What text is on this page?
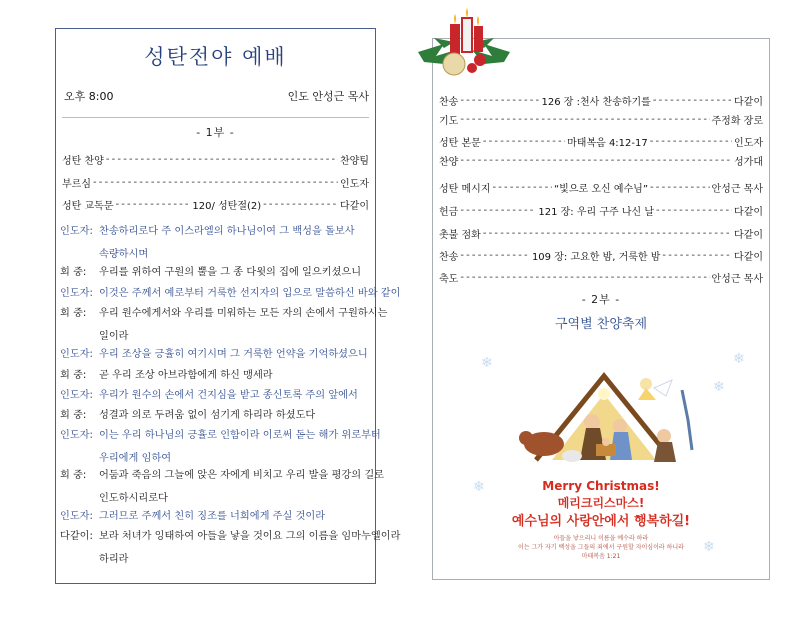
성탄전야 예배
오후 8:00	인도 안성근 목사
- 1부 -
성탄 찬양 - - -	찬양팀
부르심 - - -	인도자
성탄 교독문 - - -	120/ 성탄절(2) - - -	다같이
인도자: 찬송하리로다 주 이스라엘의 하나님이여 그 백성을 돌보사
속량하시며
회 중: 우리를 위하여 구원의 뿔을 그 종 다윗의 집에 일으키셨으니
인도자: 이것은 주께서 예로부터 거룩한 선지자의 입으로 말씀하신 바와 같이
회 중: 우리 원수에게서와 우리를 미워하는 모든 자의 손에서 구원하시는
일이라
인도자: 우리 조상을 긍휼히 여기시며 그 거룩한 언약을 기억하셨으니
회 중: 곧 우리 조상 아브라함에게 하신 맹세라
인도자: 우리가 원수의 손에서 건지심을 받고 종신토록 주의 앞에서
회 중: 성결과 의로 두려움 없이 섬기게 하리라 하셨도다
인도자: 이는 우리 하나님의 긍휼로 인함이라 이로써 돋는 해가 위로부터
우리에게 임하여
회 중: 어둠과 죽음의 그늘에 앉은 자에게 비치고 우리 발을 평강의 길로
인도하시리로다
인도자: 그러므로 주께서 친히 징조를 너희에게 주실 것이라
다같이: 보라 처녀가 잉태하여 아들을 낳을 것이요 그의 이름을 임마누엘이라
하리라
찬송 - - -	126 장 :천사 찬송하기를 - - -	다같이
기도 - - -	주정화 장로
성탄 본문 - - -	마태복음 4:12-17 - - -	인도자
찬양 - - -	성가대
성탄 메시지 - - -	“빛으로 오신 예수님” - - -	안성근 목사
헌금 - - -	121 장: 우리 구주 나신 날 - - -	다같이
촛불 점화 - - -	다같이
찬송 - - -	109 장: 고요한 밤, 거룩한 밤 - - -	다같이
축도 - - -	안성근 목사
- 2부 -
구역별 찬양축제
❄	❄
❄
❄
❄	Merry Christmas!
메리크리스마스!
예수님의 사랑안에서 행복하길!
아들을 낳으리니 이름을 예수라 하라
이는 그가 자기 백성을 그들의 죄에서 구원할 자이심이라 하니라
마태복음 1:21
